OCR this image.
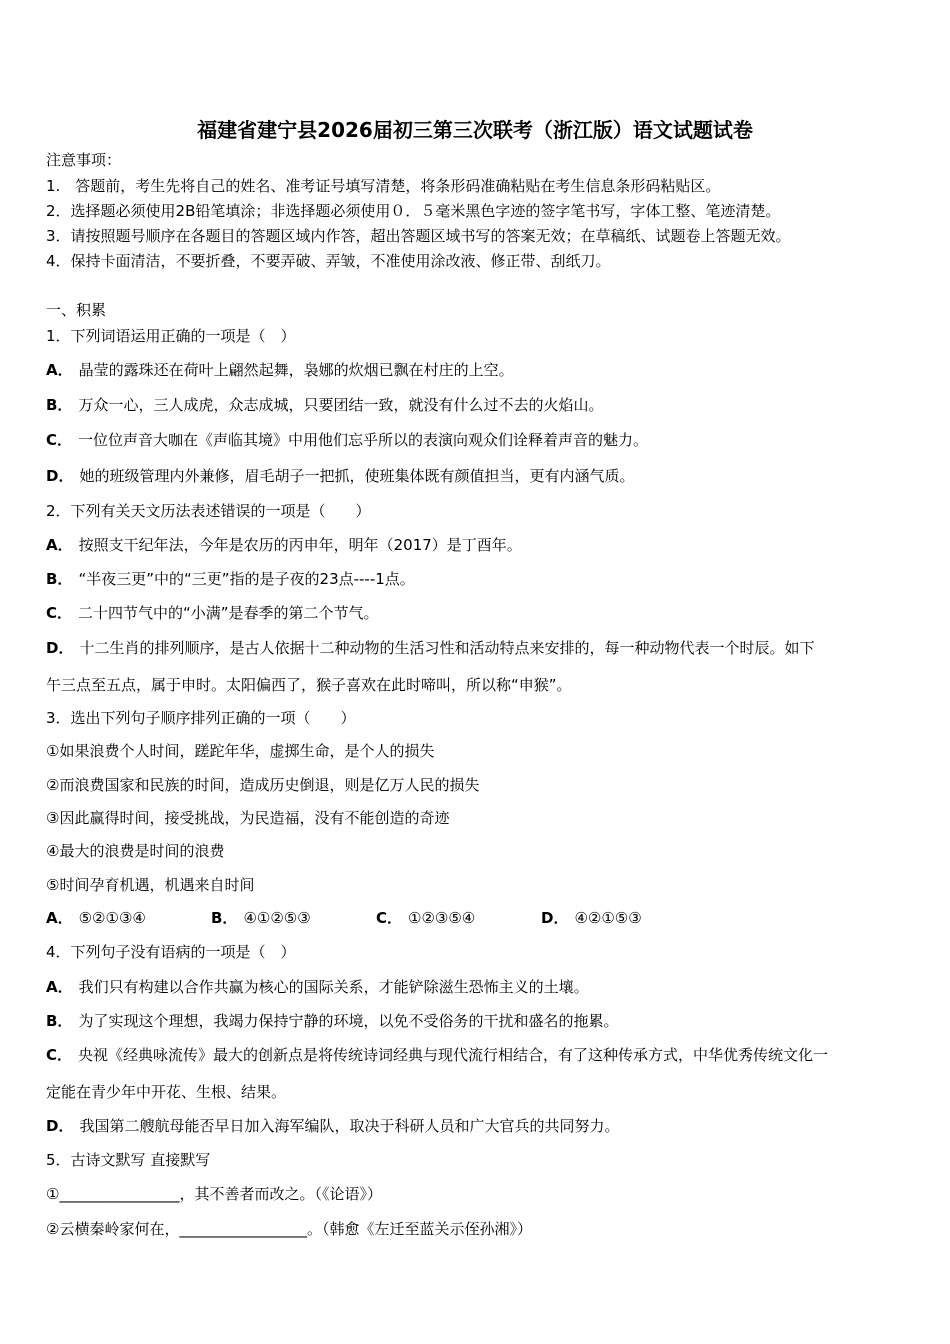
福建省建宁县2026届初三第三次联考（浙江版）语文试题试卷
注意事项：
1.　答题前，考生先将自己的姓名、准考证号填写清楚，将条形码准确粘贴在考生信息条形码粘贴区。
2．选择题必须使用2B铅笔填涂；非选择题必须使用０．５毫米黑色字迹的签字笔书写，字体工整、笔迹清楚。
3．请按照题号顺序在各题目的答题区域内作答，超出答题区域书写的答案无效；在草稿纸、试题卷上答题无效。
4．保持卡面清洁，不要折叠，不要弄破、弄皱，不准使用涂改液、修正带、刮纸刀。
一、积累
1．下列词语运用正确的一项是（　）
A． 晶莹的露珠还在荷叶上翩然起舞，袅娜的炊烟已飘在村庄的上空。
B． 万众一心，三人成虎，众志成城，只要团结一致，就没有什么过不去的火焰山。
C． 一位位声音大咖在《声临其境》中用他们忘乎所以的表演向观众们诠释着声音的魅力。
D． 她的班级管理内外兼修，眉毛胡子一把抓，使班集体既有颜值担当，更有内涵气质。
2．下列有关天文历法表述错误的一项是（　　）
A． 按照支干纪年法，今年是农历的丙申年，明年（2017）是丁酉年。
B． “半夜三更”中的“三更”指的是子夜的23点----1点。
C． 二十四节气中的“小满”是春季的第二个节气。
D． 十二生肖的排列顺序，是古人依据十二种动物的生活习性和活动特点来安排的，每一种动物代表一个时辰。如下
午三点至五点，属于申时。太阳偏西了，猴子喜欢在此时啼叫，所以称“申猴”。
3．选出下列句子顺序排列正确的一项（　　）
①如果浪费个人时间，蹉跎年华，虚掷生命，是个人的损失
②而浪费国家和民族的时间，造成历史倒退，则是亿万人民的损失
③因此赢得时间，接受挑战，为民造福，没有不能创造的奇迹
④最大的浪费是时间的浪费
⑤时间孕育机遇，机遇来自时间
A． ⑤②①③④	B． ④①②⑤③	C． ①②③⑤④	D． ④②①⑤③
4．下列句子没有语病的一项是（　）
A． 我们只有构建以合作共赢为核心的国际关系，才能铲除滋生恐怖主义的土壤。
B． 为了实现这个理想，我竭力保持宁静的环境，以免不受俗务的干扰和盛名的拖累。
C． 央视《经典咏流传》最大的创新点是将传统诗词经典与现代流行相结合，有了这种传承方式，中华优秀传统文化一
定能在青少年中开花、生根、结果。
D． 我国第二艘航母能否早日加入海军编队，取决于科研人员和广大官兵的共同努力。
5．古诗文默写 直接默写
①________________，其不善者而改之。（《论语》）
②云横秦岭家何在，_________________。（韩愈《左迁至蓝关示侄孙湘》）
